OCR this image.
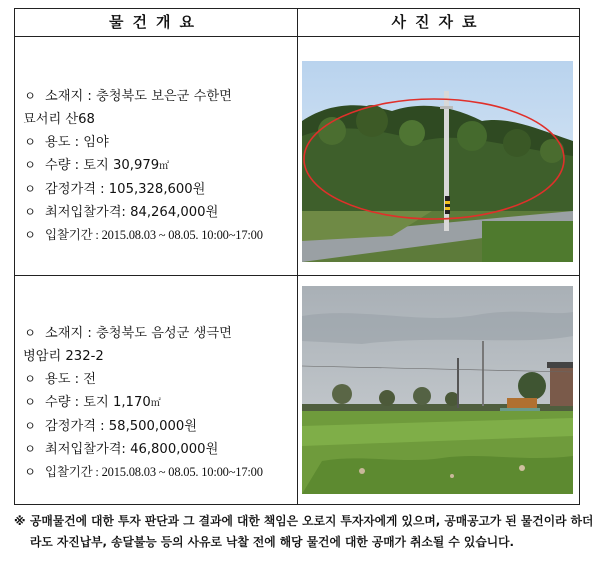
물건개요	사진자료
ㅇ 소재지 : 충청북도 보은군 수한면
묘서리 산68
ㅇ 용도 : 임야
ㅇ 수량 : 토지 30,979㎡
ㅇ 감정가격 : 105,328,600원
ㅇ 최저입찰가격: 84,264,000원
ㅇ 입찰기간 : 2015.08.03 ~ 08.05. 10:00~17:00
ㅇ 소재지 : 충청북도 음성군 생극면
병암리 232-2
ㅇ 용도 : 전
ㅇ 수량 : 토지 1,170㎡
ㅇ 감정가격 : 58,500,000원
ㅇ 최저입찰가격: 46,800,000원
ㅇ 입찰기간 : 2015.08.03 ~ 08.05. 10:00~17:00
※ 공매물건에 대한 투자 판단과 그 결과에 대한 책임은 오로지 투자자에게 있으며, 공매공고가 된 물건이라 하더라도 자진납부, 송달불능 등의 사유로 낙찰 전에 해당 물건에 대한 공매가 취소될 수 있습니다.
